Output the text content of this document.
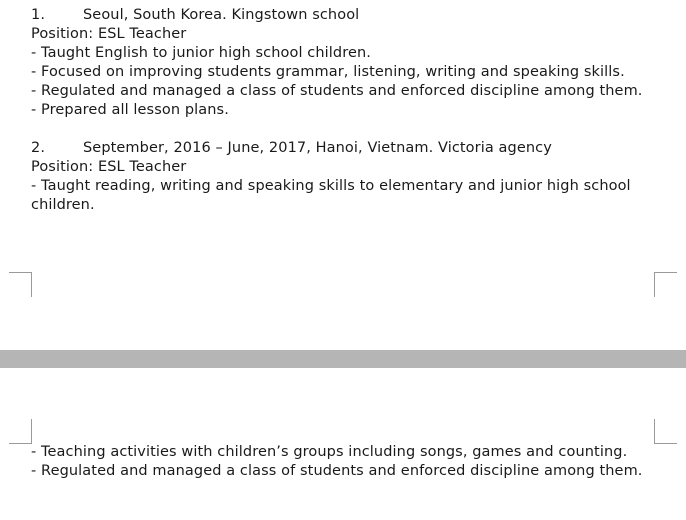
1.	Seoul, South Korea. Kingstown school
Position: ESL Teacher
- Taught English to junior high school children.
- Focused on improving students grammar, listening, writing and speaking skills.
- Regulated and managed a class of students and enforced discipline among them.
- Prepared all lesson plans.
2.	September, 2016 – June, 2017, Hanoi, Vietnam. Victoria agency
Position: ESL Teacher
- Taught reading, writing and speaking skills to elementary and junior high school children.
- Teaching activities with children’s groups including songs, games and counting.
- Regulated and managed a class of students and enforced discipline among them.
